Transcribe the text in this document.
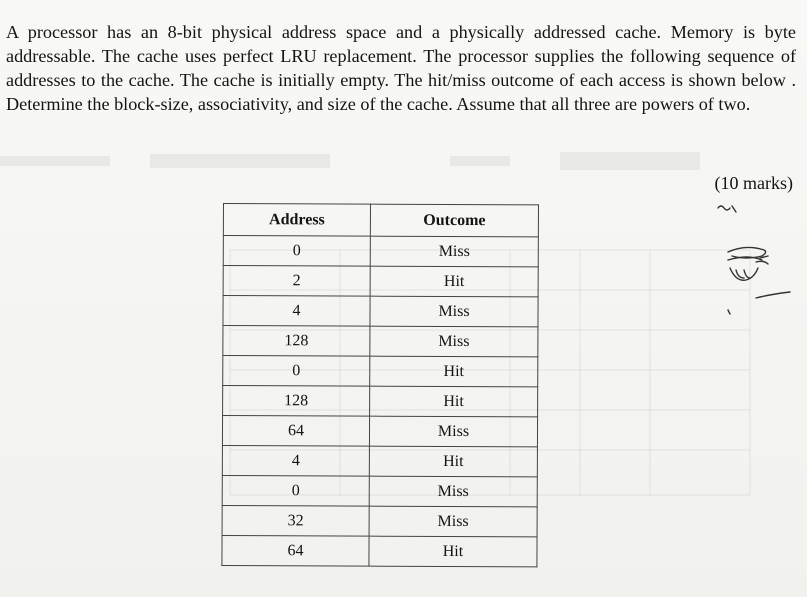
A processor has an 8-bit physical address space and a physically addressed cache. Memory is byte addressable. The cache uses perfect LRU replacement. The processor supplies the following sequence of addresses to the cache. The cache is initially empty. The hit/miss outcome of each access is shown below . Determine the block-size, associativity, and size of the cache. Assume that all three are powers of two.

(10 marks)
Address	Outcome
0	Miss
2	Hit
4	Miss
128	Miss
0	Hit
128	Hit
64	Miss
4	Hit
0	Miss
32	Miss
64	Hit
